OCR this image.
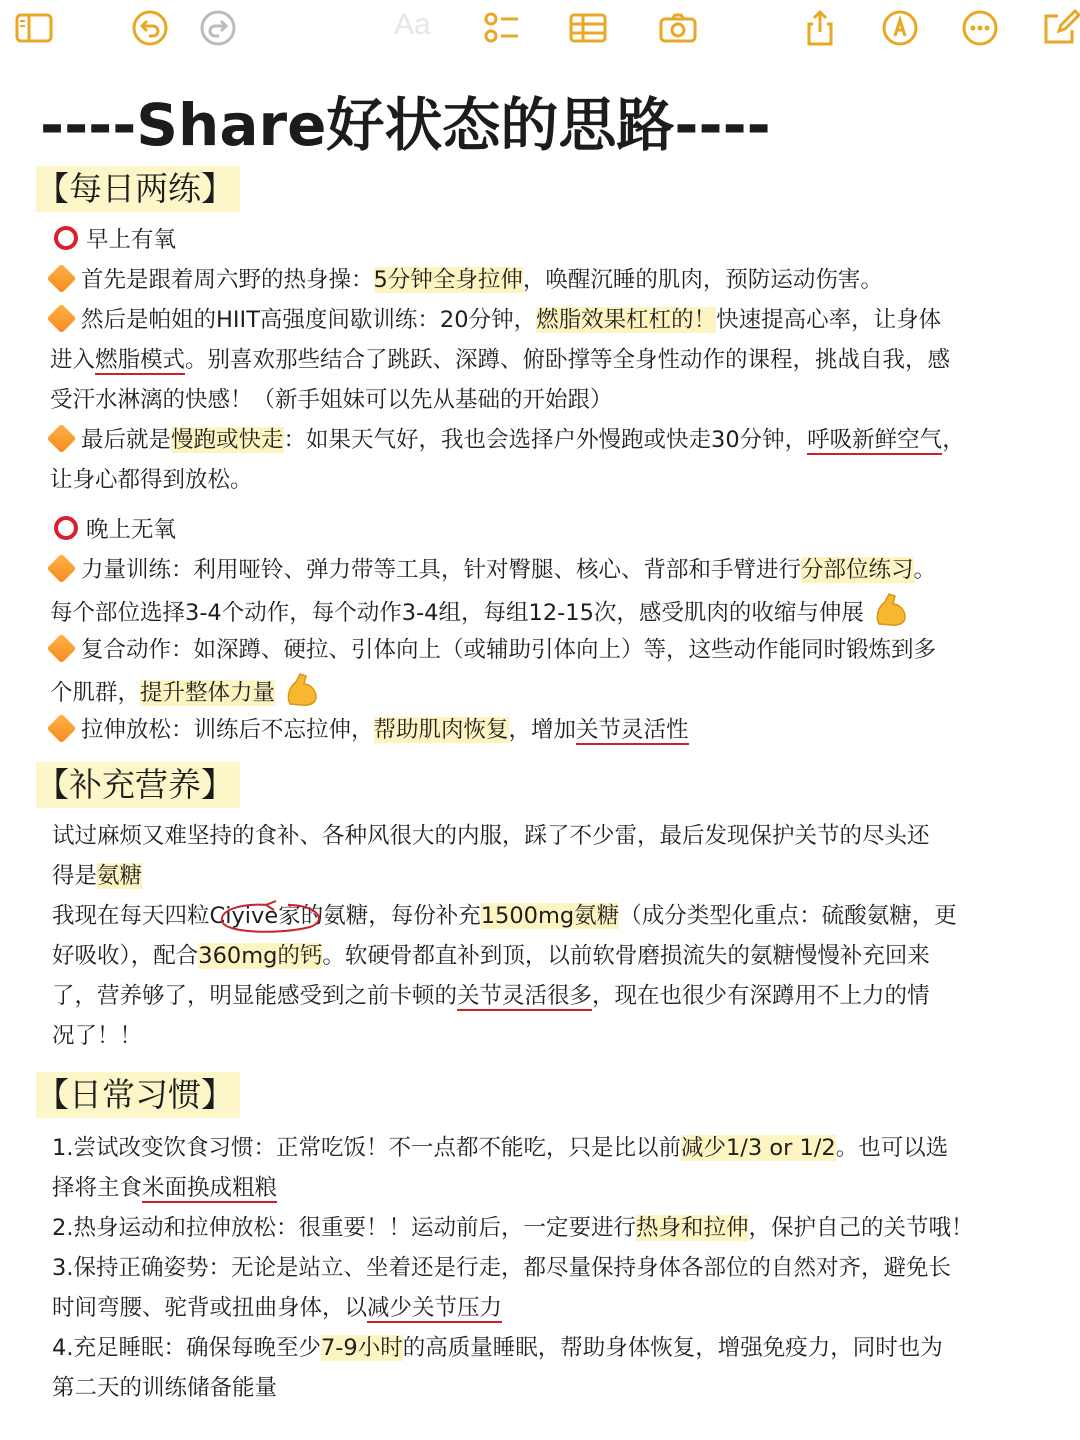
Aa
----Share好状态的思路----
【每日两练】
早上有氧
首先是跟着周六野的热身操：5分钟全身拉伸，唤醒沉睡的肌肉，预防运动伤害。
然后是帕姐的HIIT高强度间歇训练：20分钟，燃脂效果杠杠的！快速提高心率，让身体
进入燃脂模式。别喜欢那些结合了跳跃、深蹲、俯卧撑等全身性动作的课程，挑战自我，感
受汗水淋漓的快感！（新手姐妹可以先从基础的开始跟）
最后就是慢跑或快走：如果天气好，我也会选择户外慢跑或快走30分钟，呼吸新鲜空气，
让身心都得到放松。
晚上无氧
力量训练：利用哑铃、弹力带等工具，针对臀腿、核心、背部和手臂进行分部位练习。
每个部位选择3-4个动作，每个动作3-4组，每组12-15次，感受肌肉的收缩与伸展
复合动作：如深蹲、硬拉、引体向上（或辅助引体向上）等，这些动作能同时锻炼到多
个肌群，提升整体力量
拉伸放松：训练后不忘拉伸，帮助肌肉恢复，增加关节灵活性
【补充营养】
试过麻烦又难坚持的食补、各种风很大的内服，踩了不少雷，最后发现保护关节的尽头还
得是氨糖
我现在每天四粒Ciyive家的氨糖，每份补充1500mg氨糖（成分类型化重点：硫酸氨糖，更
好吸收），配合360mg的钙。软硬骨都直补到顶，以前软骨磨损流失的氨糖慢慢补充回来
了，营养够了，明显能感受到之前卡顿的关节灵活很多，现在也很少有深蹲用不上力的情
况了！！
【日常习惯】
1.尝试改变饮食习惯：正常吃饭！不一点都不能吃，只是比以前减少1/3 or 1/2。也可以选
择将主食米面换成粗粮
2.热身运动和拉伸放松：很重要！！运动前后，一定要进行热身和拉伸，保护自己的关节哦！
3.保持正确姿势：无论是站立、坐着还是行走，都尽量保持身体各部位的自然对齐，避免长
时间弯腰、驼背或扭曲身体，以减少关节压力
4.充足睡眠：确保每晚至少7-9小时的高质量睡眠，帮助身体恢复，增强免疫力，同时也为
第二天的训练储备能量
